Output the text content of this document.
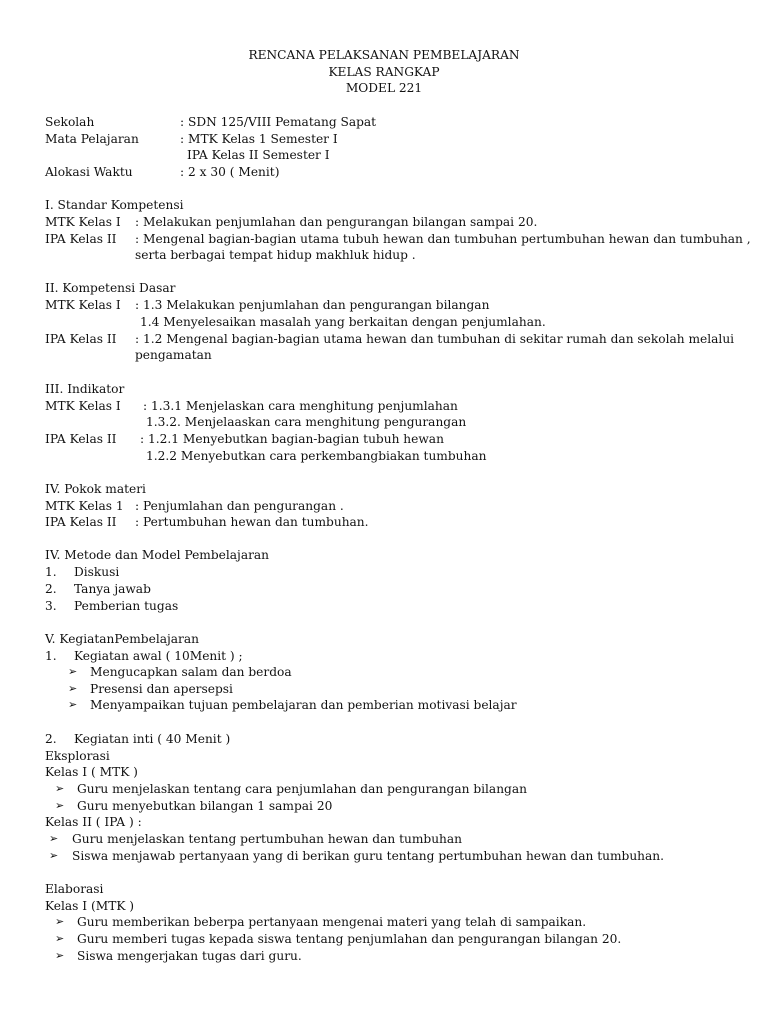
RENCANA PELAKSANAN PEMBELAJARAN
KELAS RANGKAP
MODEL 221
Sekolah	: SDN 125/VIII Pematang Sapat
Mata Pelajaran	: MTK Kelas 1 Semester I
IPA Kelas II Semester I
Alokasi Waktu	: 2 x 30 ( Menit)
I. Standar Kompetensi
MTK Kelas I : Melakukan penjumlahan dan pengurangan bilangan sampai 20.
IPA Kelas II : Mengenal bagian-bagian utama tubuh hewan dan tumbuhan pertumbuhan hewan dan tumbuhan ,
serta berbagai tempat hidup makhluk hidup .
II. Kompetensi Dasar
MTK Kelas I : 1.3 Melakukan penjumlahan dan pengurangan bilangan
1.4 Menyelesaikan masalah yang berkaitan dengan penjumlahan.
IPA Kelas II : 1.2 Mengenal bagian-bagian utama hewan dan tumbuhan di sekitar rumah dan sekolah melalui
pengamatan
III. Indikator
MTK Kelas I : 1.3.1 Menjelaskan cara menghitung penjumlahan
1.3.2. Menjelaaskan cara menghitung pengurangan
IPA Kelas II : 1.2.1 Menyebutkan bagian-bagian tubuh hewan
1.2.2 Menyebutkan cara perkembangbiakan tumbuhan
IV. Pokok materi
MTK Kelas 1 : Penjumlahan dan pengurangan .
IPA Kelas II : Pertumbuhan hewan dan tumbuhan.
IV. Metode dan Model Pembelajaran
1. Diskusi
2. Tanya jawab
3. Pemberian tugas
V. KegiatanPembelajaran
1. Kegiatan awal ( 10Menit ) ;
➢ Mengucapkan salam dan berdoa
➢ Presensi dan apersepsi
➢ Menyampaikan tujuan pembelajaran dan pemberian motivasi belajar
2. Kegiatan inti ( 40 Menit )
Eksplorasi
Kelas I ( MTK )
➢ Guru menjelaskan tentang cara penjumlahan dan pengurangan bilangan
➢ Guru menyebutkan bilangan 1 sampai 20
Kelas II ( IPA ) :
➢ Guru menjelaskan tentang pertumbuhan hewan dan tumbuhan
➢ Siswa menjawab pertanyaan yang di berikan guru tentang pertumbuhan hewan dan tumbuhan.
Elaborasi
Kelas I (MTK )
➢ Guru memberikan beberpa pertanyaan mengenai materi yang telah di sampaikan.
➢ Guru memberi tugas kepada siswa tentang penjumlahan dan pengurangan bilangan 20.
➢ Siswa mengerjakan tugas dari guru.
